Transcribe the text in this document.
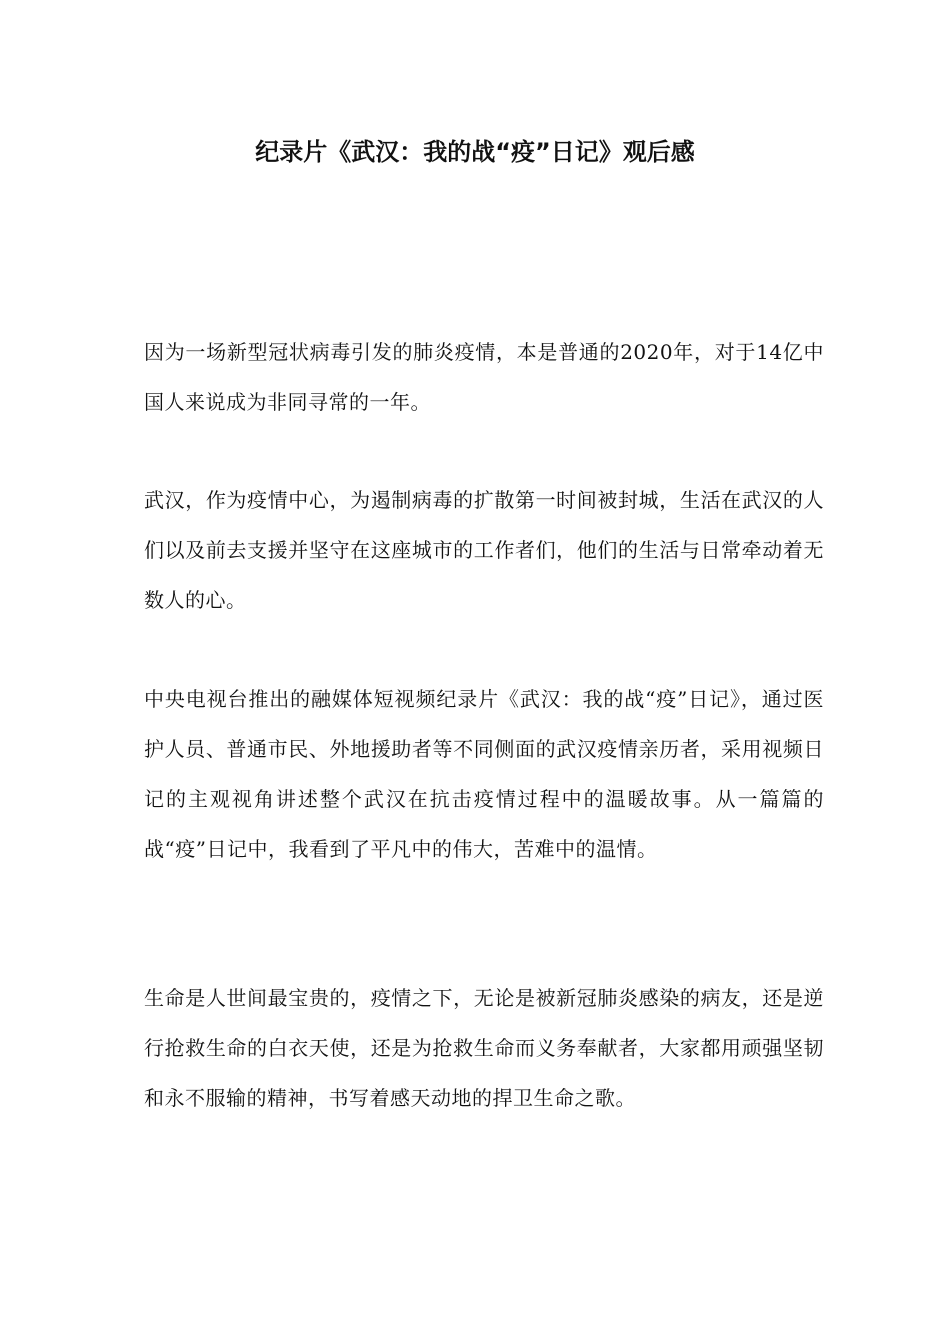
纪录片《武汉：我的战“疫”日记》观后感

因为一场新型冠状病毒引发的肺炎疫情，本是普通的2020年，对于14亿中国人来说成为非同寻常的一年。

武汉，作为疫情中心，为遏制病毒的扩散第一时间被封城，生活在武汉的人们以及前去支援并坚守在这座城市的工作者们，他们的生活与日常牵动着无数人的心。

中央电视台推出的融媒体短视频纪录片《武汉：我的战“疫”日记》，通过医护人员、普通市民、外地援助者等不同侧面的武汉疫情亲历者，采用视频日记的主观视角讲述整个武汉在抗击疫情过程中的温暖故事。从一篇篇的战“疫”日记中，我看到了平凡中的伟大，苦难中的温情。

生命是人世间最宝贵的，疫情之下，无论是被新冠肺炎感染的病友，还是逆行抢救生命的白衣天使，还是为抢救生命而义务奉献者，大家都用顽强坚韧和永不服输的精神，书写着感天动地的捍卫生命之歌。
